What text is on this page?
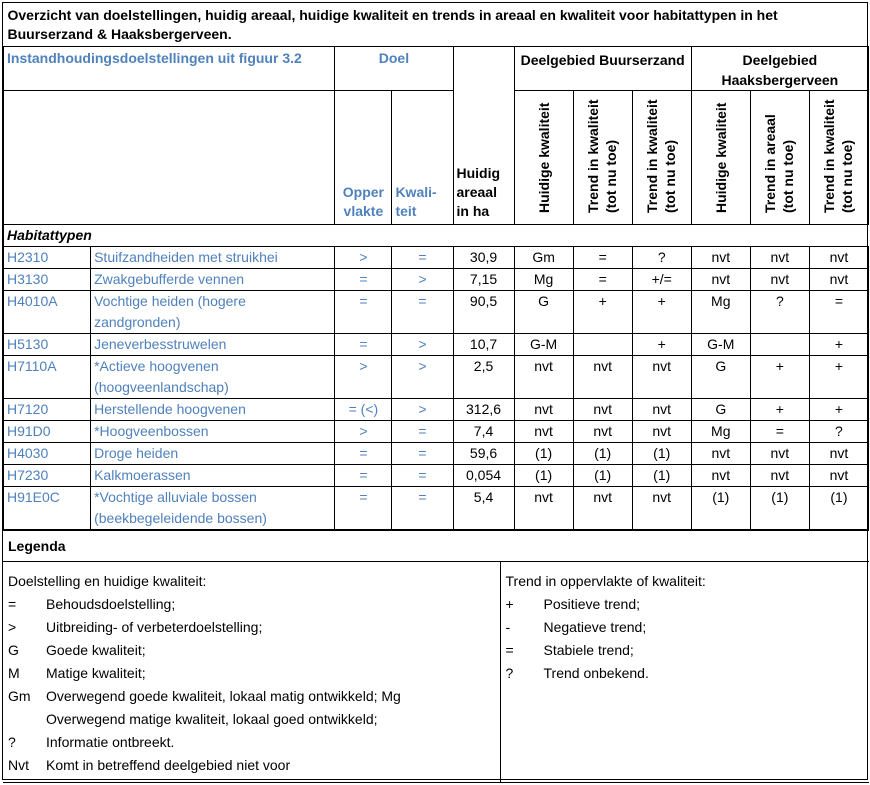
Overzicht van doelstellingen, huidig areaal, huidige kwaliteit en trends in areaal en kwaliteit voor habitattypen in het Buurserzand & Haaksbergerveen.										
Instandhoudingsdoelstellingen uit figuur 3.2		Doel		Huidig areaal in ha	Deelgebied Buurserzand			Deelgebied Haaksbergerveen		

		Opper vlakte	Kwali- teit		Huidige kwaliteit	Trend in kwaliteit (tot nu toe)	Trend in kwaliteit (tot nu toe)	Huidige kwaliteit	Trend in areaal (tot nu toe)	Trend in kwaliteit (tot nu toe)

Habitattypen										
H2310	Stuifzandheiden met struikhei	>	=	30,9	Gm	=	?	nvt	nvt	nvt
H3130	Zwakgebufferde vennen	=	>	7,15	Mg	=	+/=	nvt	nvt	nvt
H4010A	Vochtige heiden (hogere zandgronden)	=	=	90,5	G	+	+	Mg	?	=
H5130	Jeneverbesstruwelen	=	>	10,7	G-M		+	G-M		+
H7110A	*Actieve hoogvenen (hoogveenlandschap)	>	>	2,5	nvt	nvt	nvt	G	+	+
H7120	Herstellende hoogvenen	= (<)	>	312,6	nvt	nvt	nvt	G	+	+
H91D0	*Hoogveenbossen	>	=	7,4	nvt	nvt	nvt	Mg	=	?
H4030	Droge heiden	=	=	59,6	(1)	(1)	(1)	nvt	nvt	nvt
H7230	Kalkmoerassen	=	=	0,054	(1)	(1)	(1)	nvt	nvt	nvt
H91E0C	*Vochtige alluviale bossen (beekbegeleidende bossen)	=	=	5,4	nvt	nvt	nvt	(1)	(1)	(1)
Legenda

Doelstelling en huidige kwaliteit:
=	Behoudsdoelstelling;
>	Uitbreiding- of verbeterdoelstelling;
G	Goede kwaliteit;
M	Matige kwaliteit;
Gm	Overwegend goede kwaliteit, lokaal matig ontwikkeld; Mg
Overwegend matige kwaliteit, lokaal goed ontwikkeld;
?	Informatie ontbreekt.
Nvt	Komt in betreffend deelgebied niet voor

Trend in oppervlakte of kwaliteit:
+	Positieve trend;
-	Negatieve trend;
=	Stabiele trend;
?	Trend onbekend.
